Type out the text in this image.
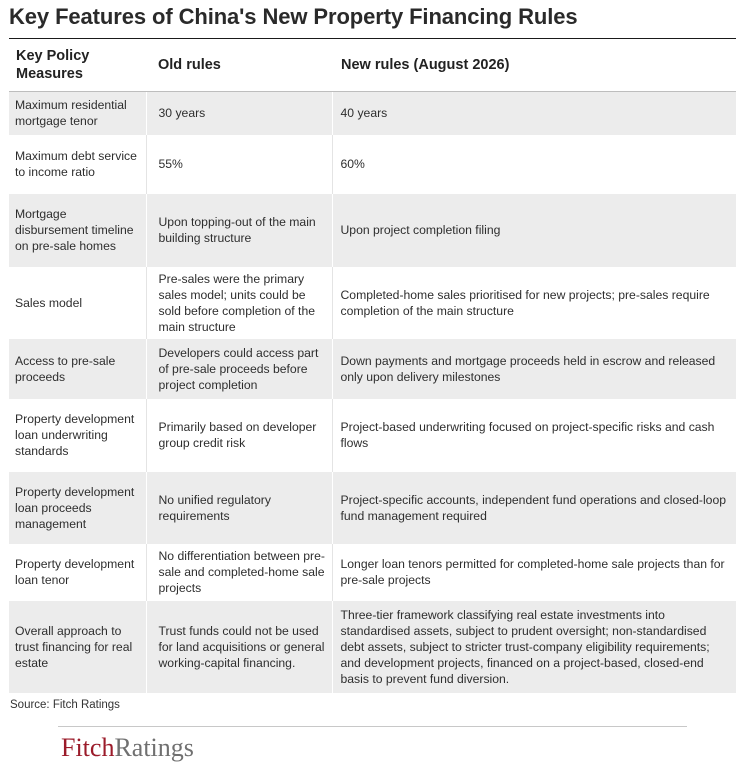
Key Features of China's New Property Financing Rules
Key Policy Measures	Old rules	New rules (August 2026)
Maximum residential mortgage tenor	30 years	40 years
Maximum debt service to income ratio	55%	60%
Mortgage disbursement timeline on pre-sale homes	Upon topping-out of the main building structure	Upon project completion filing
Sales model	Pre-sales were the primary sales model; units could be sold before completion of the main structure	Completed-home sales prioritised for new projects; pre-sales require completion of the main structure
Access to pre-sale proceeds	Developers could access part of pre-sale proceeds before project completion	Down payments and mortgage proceeds held in escrow and released only upon delivery milestones
Property development loan underwriting standards	Primarily based on developer group credit risk	Project-based underwriting focused on project-specific risks and cash flows
Property development loan proceeds management	No unified regulatory requirements	Project-specific accounts, independent fund operations and closed-loop fund management required
Property development loan tenor	No differentiation between pre-sale and completed-home sale projects	Longer loan tenors permitted for completed-home sale projects than for pre-sale projects
Overall approach to trust financing for real estate	Trust funds could not be used for land acquisitions or general working-capital financing.	Three-tier framework classifying real estate investments into standardised assets, subject to prudent oversight; non-standardised debt assets, subject to stricter trust-company eligibility requirements; and development projects, financed on a project-based, closed-end basis to prevent fund diversion.
Source: Fitch Ratings
FitchRatings
